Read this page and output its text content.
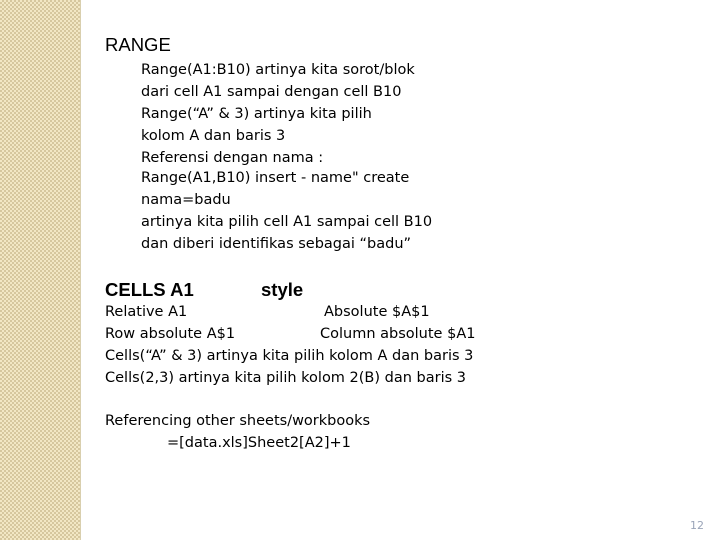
RANGE
Range(A1:B10) artinya kita sorot/blok
dari cell A1 sampai dengan cell B10
Range(“A” & 3) artinya kita pilih
kolom A dan baris 3
Referensi dengan nama :
Range(A1,B10) insert - name" create
nama=badu
artinya kita pilih cell A1 sampai cell B10
dan diberi identifikas sebagai “badu”
CELLS A1	style
Relative A1	Absolute $A$1
Row absolute A$1	Column absolute $A1
Cells(“A” & 3) artinya kita pilih kolom A dan baris 3
Cells(2,3) artinya kita pilih kolom 2(B) dan baris 3
Referencing other sheets/workbooks
=[data.xls]Sheet2[A2]+1
12
